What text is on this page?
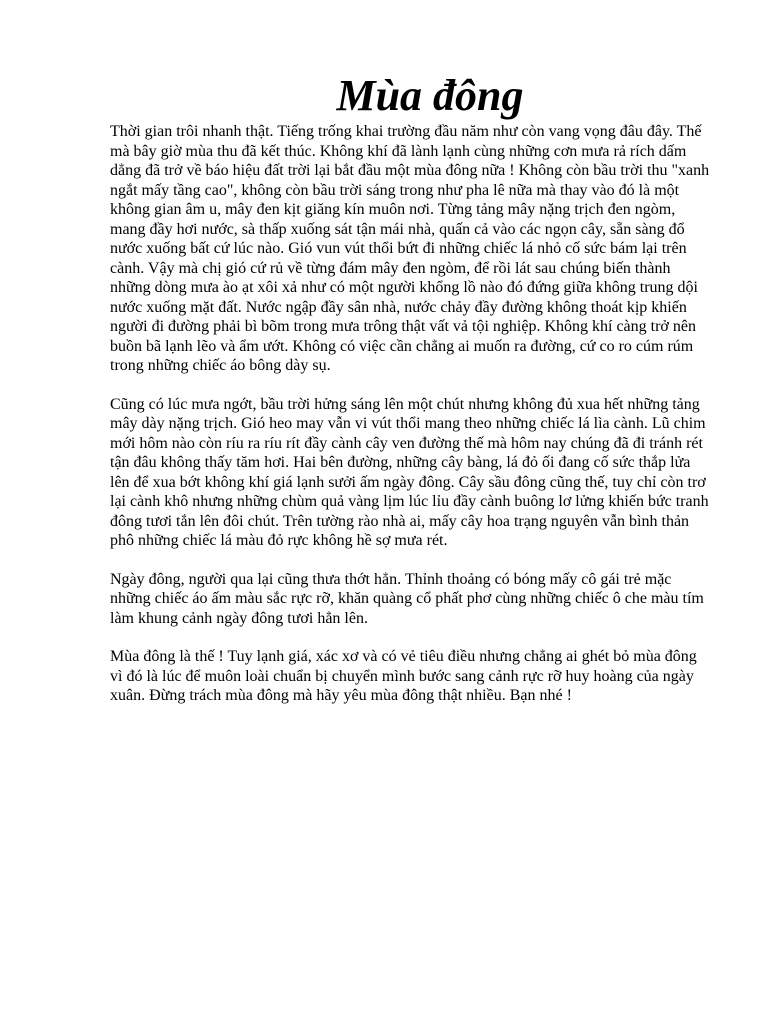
Mùa đông

Thời gian trôi nhanh thật. Tiếng trống khai trường đầu năm như còn vang vọng đâu đây. Thế mà bây giờ mùa thu đã kết thúc. Không khí đã lành lạnh cùng những cơn mưa rả rích dấm dẳng đã trở về báo hiệu đất trời lại bắt đầu một mùa đông nữa ! Không còn bầu trời thu "xanh ngắt mấy tầng cao", không còn bầu trời sáng trong như pha lê nữa mà thay vào đó là một không gian âm u, mây đen kịt giăng kín muôn nơi. Từng tảng mây nặng trịch đen ngòm, mang đầy hơi nước, sà thấp xuống sát tận mái nhà, quấn cả vào các ngọn cây, sẵn sàng đổ nước xuống bất cứ lúc nào. Gió vun vút thổi bứt đi những chiếc lá nhỏ cố sức bám lại trên cành. Vậy mà chị gió cứ rủ về từng đám mây đen ngòm, để rồi lát sau chúng biến thành những dòng mưa ào ạt xôi xả như có một người khổng lồ nào đó đứng giữa không trung dội nước xuống mặt đất. Nước ngập đầy sân nhà, nước chảy đầy đường không thoát kịp khiến người đi đường phải bì bõm trong mưa trông thật vất vả tội nghiệp. Không khí càng trở nên buồn bã lạnh lẽo và ẩm ướt. Không có việc cần chẳng ai muốn ra đường, cứ co ro cúm rúm trong những chiếc áo bông dày sụ.

Cũng có lúc mưa ngớt, bầu trời hửng sáng lên một chút nhưng không đủ xua hết những tảng mây dày nặng trịch. Gió heo may vẫn vi vút thổi mang theo những chiếc lá lìa cành. Lũ chim mới hôm nào còn ríu ra ríu rít đầy cành cây ven đường thế mà hôm nay chúng đã đi tránh rét tận đâu không thấy tăm hơi. Hai bên đường, những cây bàng, lá đỏ ối đang cố sức thắp lửa lên để xua bớt không khí giá lạnh sưởi ấm ngày đông. Cây sầu đông cũng thế, tuy chỉ còn trơ lại cành khô nhưng những chùm quả vàng lịm lúc lỉu đầy cành buông lơ lửng khiến bức tranh đông tươi tắn lên đôi chút. Trên tường rào nhà ai, mấy cây hoa trạng nguyên vẫn bình thản phô những chiếc lá màu đỏ rực không hề sợ mưa rét.

Ngày đông, người qua lại cũng thưa thớt hẳn. Thỉnh thoảng có bóng mấy cô gái trẻ mặc những chiếc áo ấm màu sắc rực rỡ, khăn quàng cổ phất phơ cùng những chiếc ô che màu tím làm khung cảnh ngày đông tươi hẳn lên.

Mùa đông là thế ! Tuy lạnh giá, xác xơ và có vẻ tiêu điều nhưng chẳng ai ghét bỏ mùa đông vì đó là lúc để muôn loài chuẩn bị chuyển mình bước sang cảnh rực rỡ huy hoàng của ngày xuân. Đừng trách mùa đông mà hãy yêu mùa đông thật nhiều. Bạn nhé !
